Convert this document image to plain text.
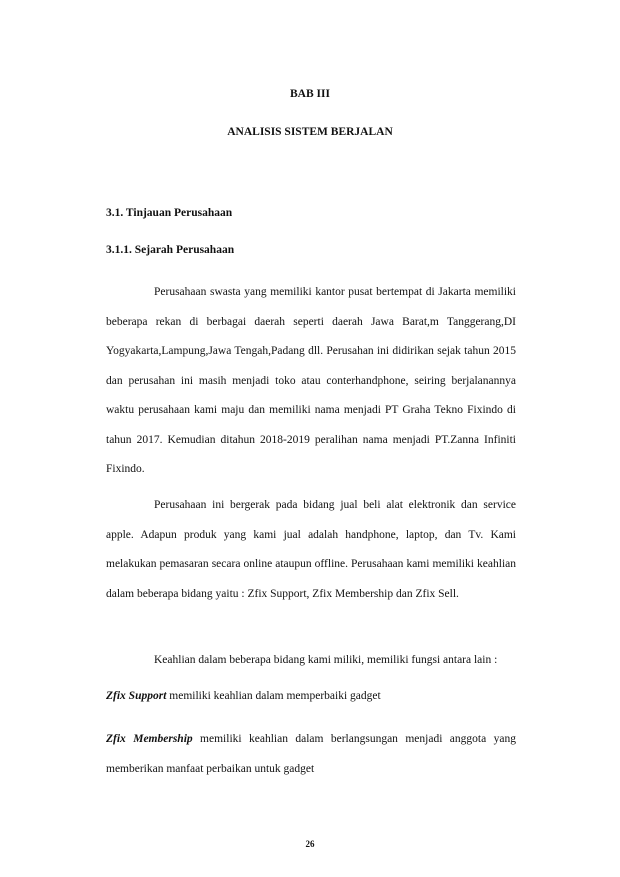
BAB III
ANALISIS SISTEM BERJALAN
3.1. Tinjauan Perusahaan
3.1.1. Sejarah Perusahaan

Perusahaan swasta yang memiliki kantor pusat bertempat di Jakarta memiliki beberapa rekan di berbagai daerah seperti daerah Jawa Barat,m Tanggerang,DI Yogyakarta,Lampung,Jawa Tengah,Padang dll. Perusahan ini didirikan sejak tahun 2015 dan perusahan ini masih menjadi toko atau conterhandphone, seiring berjalanannya waktu perusahaan kami maju dan memiliki nama menjadi PT Graha Tekno Fixindo di tahun 2017. Kemudian ditahun 2018-2019 peralihan nama menjadi PT.Zanna Infiniti Fixindo.

Perusahaan ini bergerak pada bidang jual beli alat elektronik dan service apple. Adapun produk yang kami jual adalah handphone, laptop, dan Tv. Kami melakukan pemasaran secara online ataupun offline. Perusahaan kami memiliki keahlian dalam beberapa bidang yaitu : Zfix Support, Zfix Membership dan Zfix Sell.

Keahlian dalam beberapa bidang kami miliki, memiliki fungsi antara lain :

Zfix Support memiliki keahlian dalam memperbaiki gadget

Zfix Membership memiliki keahlian dalam berlangsungan menjadi anggota yang memberikan manfaat perbaikan untuk gadget

26
